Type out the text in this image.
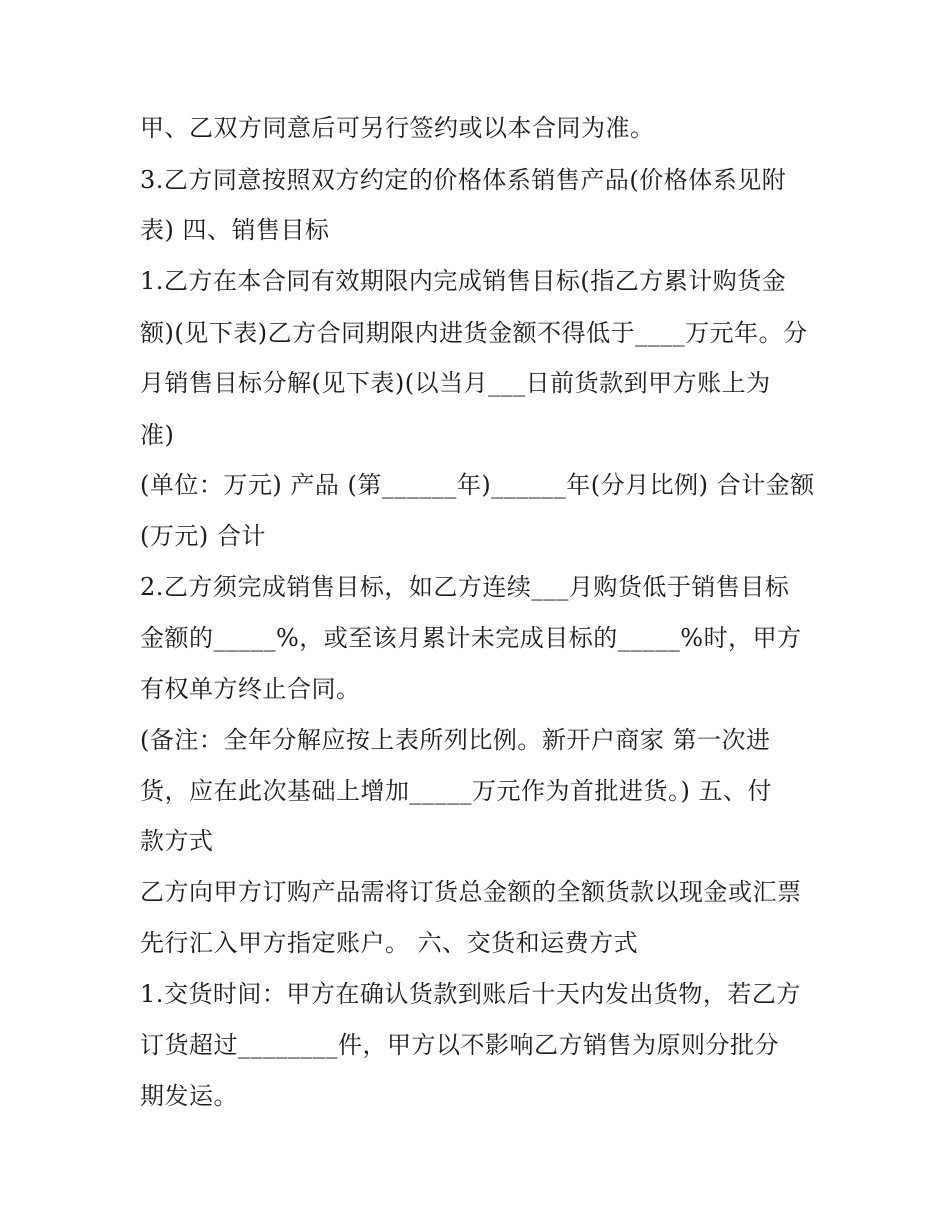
甲、乙双方同意后可另行签约或以本合同为准。
3.乙方同意按照双方约定的价格体系销售产品(价格体系见附
表) 四、销售目标
1.乙方在本合同有效期限内完成销售目标(指乙方累计购货金
额)(见下表)乙方合同期限内进货金额不得低于____万元年。分
月销售目标分解(见下表)(以当月___日前货款到甲方账上为
准)
(单位：万元) 产品 (第______年)______年(分月比例) 合计金额
(万元) 合计
2.乙方须完成销售目标，如乙方连续___月购货低于销售目标
金额的_____%，或至该月累计未完成目标的_____%时，甲方
有权单方终止合同。
(备注：全年分解应按上表所列比例。新开户商家 第一次进
货，应在此次基础上增加_____万元作为首批进货。) 五、付
款方式
乙方向甲方订购产品需将订货总金额的全额货款以现金或汇票
先行汇入甲方指定账户。 六、交货和运费方式
1.交货时间：甲方在确认货款到账后十天内发出货物，若乙方
订货超过________件，甲方以不影响乙方销售为原则分批分
期发运。
